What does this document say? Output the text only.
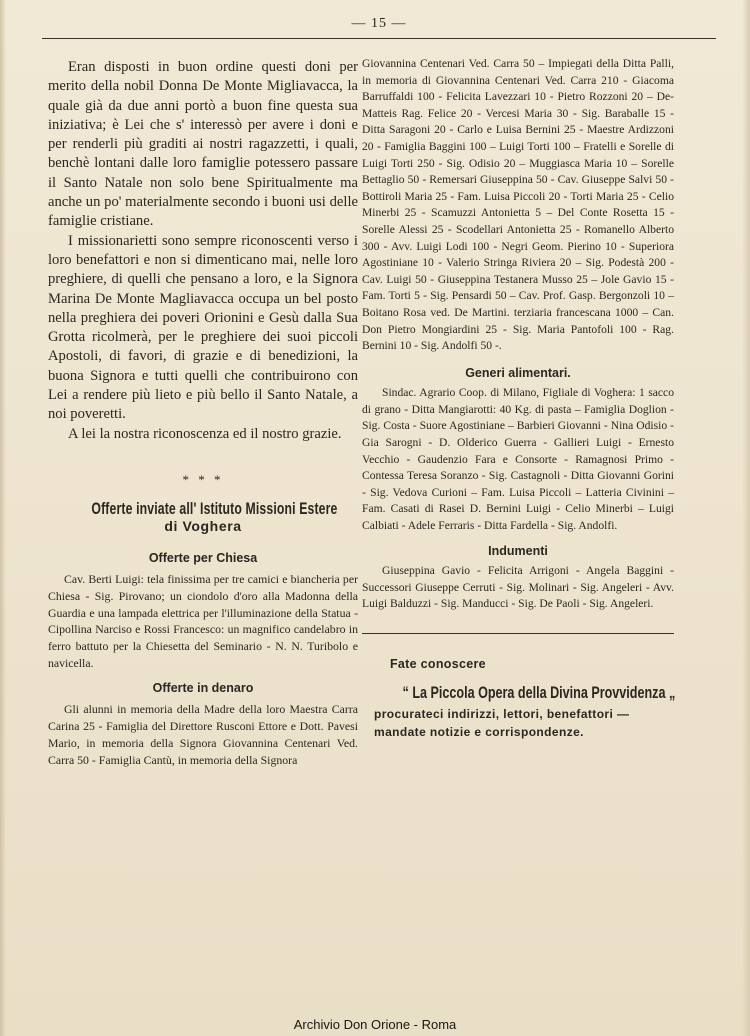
— 15 —

Eran disposti in buon ordine questi doni per merito della nobil Donna De Monte Migliavacca, la quale già da due anni portò a buon fine questa sua iniziativa; è Lei che s' interessò per avere i doni e per renderli più graditi ai nostri ragazzetti, i quali, benchè lontani dalle loro famiglie potessero passare il Santo Natale non solo bene Spiritualmente ma anche un po' materialmente secondo i buoni usi delle famiglie cristiane.

I missionarietti sono sempre riconoscenti verso i loro benefattori e non si dimenticano mai, nelle loro preghiere, di quelli che pensano a loro, e la Signora Marina De Monte Magliavacca occupa un bel posto nella preghiera dei poveri Orionini e Gesù dalla Sua Grotta ricolmerà, per le preghiere dei suoi piccoli Apostoli, di favori, di grazie e di benedizioni, la buona Signora e tutti quelli che contribuirono con Lei a rendere più lieto e più bello il Santo Natale, a noi poveretti.

A lei la nostra riconoscenza ed il nostro grazie.

* * *
Offerte inviate all' Istituto Missioni Estere
di Voghera
Offerte per Chiesa

Cav. Berti Luigi: tela finissima per tre camici e biancheria per Chiesa - Sig. Pirovano; un ciondolo d'oro alla Madonna della Guardia e una lampada elettrica per l'illuminazione della Statua - Cipollina Narciso e Rossi Francesco: un magnifico candelabro in ferro battuto per la Chiesetta del Seminario - N. N. Turibolo e navicella.

Offerte in denaro

Gli alunni in memoria della Madre della loro Maestra Carra Carina 25 - Famiglia del Direttore Rusconi Ettore e Dott. Pavesi Mario, in memoria della Signora Giovannina Centenari Ved. Carra 50 - Famiglia Cantù, in memoria della Signora

Giovannina Centenari Ved. Carra 50 – Impiegati della Ditta Palli, in memoria di Giovannina Centenari Ved. Carra 210 - Giacoma Barruffaldi 100 - Felicita Lavezzari 10 - Pietro Rozzoni 20 – De-Matteis Rag. Felice 20 - Vercesi Maria 30 - Sig. Baraballe 15 - Ditta Saragoni 20 - Carlo e Luisa Bernini 25 - Maestre Ardizzoni 20 - Famiglia Baggini 100 – Luigi Torti 100 – Fratelli e Sorelle di Luigi Torti 250 - Sig. Odisio 20 – Muggiasca Maria 10 – Sorelle Bettaglio 50 - Remersari Giuseppina 50 - Cav. Giuseppe Salvi 50 - Bottiroli Maria 25 - Fam. Luisa Piccoli 20 - Torti Maria 25 - Celio Minerbi 25 - Scamuzzi Antonietta 5 – Del Conte Rosetta 15 - Sorelle Alessi 25 - Scodellari Antonietta 25 - Romanello Alberto 300 - Avv. Luigi Lodi 100 - Negri Geom. Pierino 10 - Superiora Agostiniane 10 - Valerio Stringa Riviera 20 – Sig. Podestà 200 - Cav. Luigi 50 - Giuseppina Testanera Musso 25 – Jole Gavio 15 - Fam. Torti 5 - Sig. Pensardi 50 – Cav. Prof. Gasp. Bergonzoli 10 – Boitano Rosa ved. De Martini. terziaria francescana 1000 – Can. Don Pietro Mongiardini 25 - Sig. Maria Pantofoli 100 - Rag. Bernini 10 - Sig. Andolfi 50 -.

Generi alimentari.

Sindac. Agrario Coop. di Milano, Figliale di Voghera: 1 sacco di grano - Ditta Mangiarotti: 40 Kg. di pasta – Famiglia Doglion - Sig. Costa - Suore Agostiniane – Barbieri Giovanni - Nina Odisio - Gia Sarogni - D. Olderico Guerra - Gallieri Luigi - Ernesto Vecchio - Gaudenzio Fara e Consorte - Ramagnosi Primo - Contessa Teresa Soranzo - Sig. Castagnoli - Ditta Giovanni Gorini - Sig. Vedova Curioni – Fam. Luisa Piccoli – Latteria Civinini – Fam. Casati di Rasei D. Bernini Luigi - Celio Minerbi – Luigi Calbiati - Adele Ferraris - Ditta Fardella - Sig. Andolfi.

Indumenti

Giuseppina Gavio - Felicita Arrigoni - Angela Baggini - Successori Giuseppe Cerruti - Sig. Molinari - Sig. Angeleri - Avv. Luigi Balduzzi - Sig. Manducci - Sig. De Paoli - Sig. Angeleri.

Fate conoscere
“ La Piccola Opera della Divina Provvidenza „
procurateci indirizzi, lettori, benefattori — mandate notizie e corrispondenze.
Archivio Don Orione - Roma
